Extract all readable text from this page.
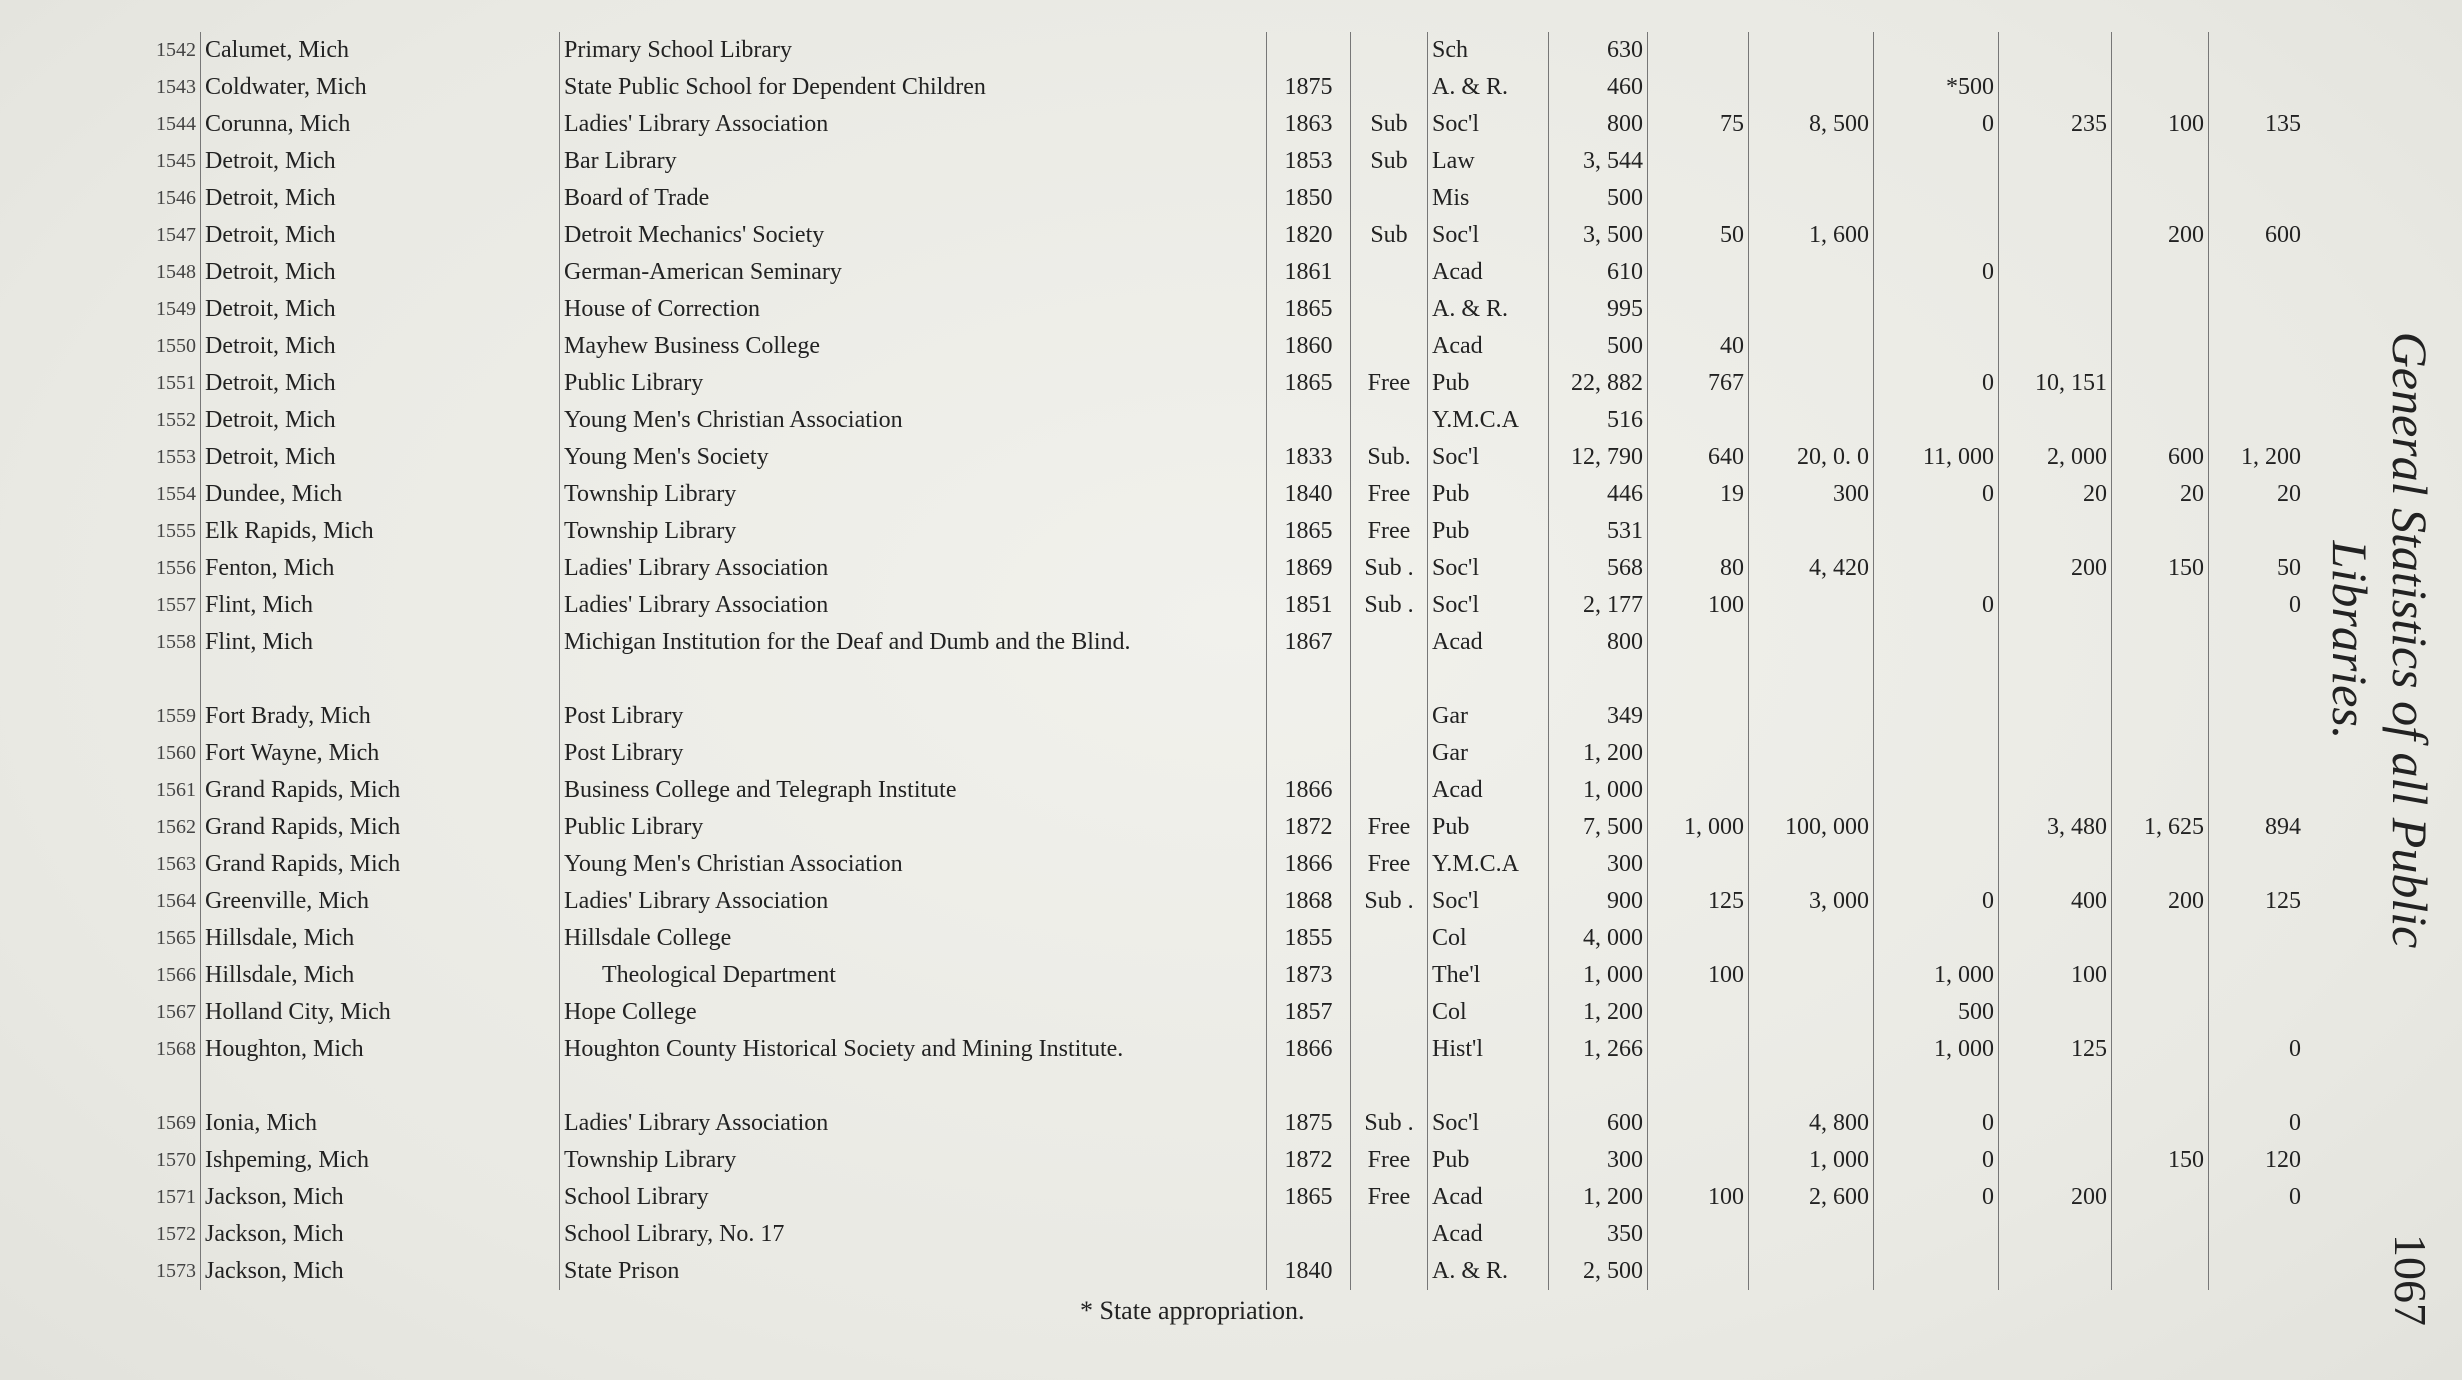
1542	Calumet, Mich	Primary School Library			Sch	630						
1543	Coldwater, Mich	State Public School for Dependent Children	1875		A. & R.	460			*500			
1544	Corunna, Mich	Ladies' Library Association	1863	Sub	Soc'l	800	75	8, 500	0	235	100	135
1545	Detroit, Mich	Bar Library	1853	Sub	Law	3, 544						
1546	Detroit, Mich	Board of Trade	1850		Mis	500						
1547	Detroit, Mich	Detroit Mechanics' Society	1820	Sub	Soc'l	3, 500	50	1, 600			200	600
1548	Detroit, Mich	German-American Seminary	1861		Acad	610			0			
1549	Detroit, Mich	House of Correction	1865		A. & R.	995						
1550	Detroit, Mich	Mayhew Business College	1860		Acad	500	40					
1551	Detroit, Mich	Public Library	1865	Free	Pub	22, 882	767		0	10, 151		
1552	Detroit, Mich	Young Men's Christian Association			Y.M.C.A	516						
1553	Detroit, Mich	Young Men's Society	1833	Sub.	Soc'l	12, 790	640	20, 0. 0	11, 000	2, 000	600	1, 200
1554	Dundee, Mich	Township Library	1840	Free	Pub	446	19	300	0	20	20	20
1555	Elk Rapids, Mich	Township Library	1865	Free	Pub	531						
1556	Fenton, Mich	Ladies' Library Association	1869	Sub .	Soc'l	568	80	4, 420		200	150	50
1557	Flint, Mich	Ladies' Library Association	1851	Sub .	Soc'l	2, 177	100		0			0
1558	Flint, Mich	Michigan Institution for the Deaf and Dumb and the Blind.	1867		Acad	800						
1559	Fort Brady, Mich	Post Library			Gar	349						
1560	Fort Wayne, Mich	Post Library			Gar	1, 200						
1561	Grand Rapids, Mich	Business College and Telegraph Institute	1866		Acad	1, 000						
1562	Grand Rapids, Mich	Public Library	1872	Free	Pub	7, 500	1, 000	100, 000		3, 480	1, 625	894
1563	Grand Rapids, Mich	Young Men's Christian Association	1866	Free	Y.M.C.A	300						
1564	Greenville, Mich	Ladies' Library Association	1868	Sub .	Soc'l	900	125	3, 000	0	400	200	125
1565	Hillsdale, Mich	Hillsdale College	1855		Col	4, 000						
1566	Hillsdale, Mich	Theological Department	1873		The'l	1, 000	100		1, 000	100		
1567	Holland City, Mich	Hope College	1857		Col	1, 200			500			
1568	Houghton, Mich	Houghton County Historical Society and Mining Institute.	1866		Hist'l	1, 266			1, 000	125		0
1569	Ionia, Mich	Ladies' Library Association	1875	Sub .	Soc'l	600		4, 800	0			0
1570	Ishpeming, Mich	Township Library	1872	Free	Pub	300		1, 000	0		150	120
1571	Jackson, Mich	School Library	1865	Free	Acad	1, 200	100	2, 600	0	200		0
1572	Jackson, Mich	School Library, No. 17			Acad	350						
1573	Jackson, Mich	State Prison	1840		A. & R.	2, 500						
General Statistics of all Public Libraries.
1067
* State appropriation.
